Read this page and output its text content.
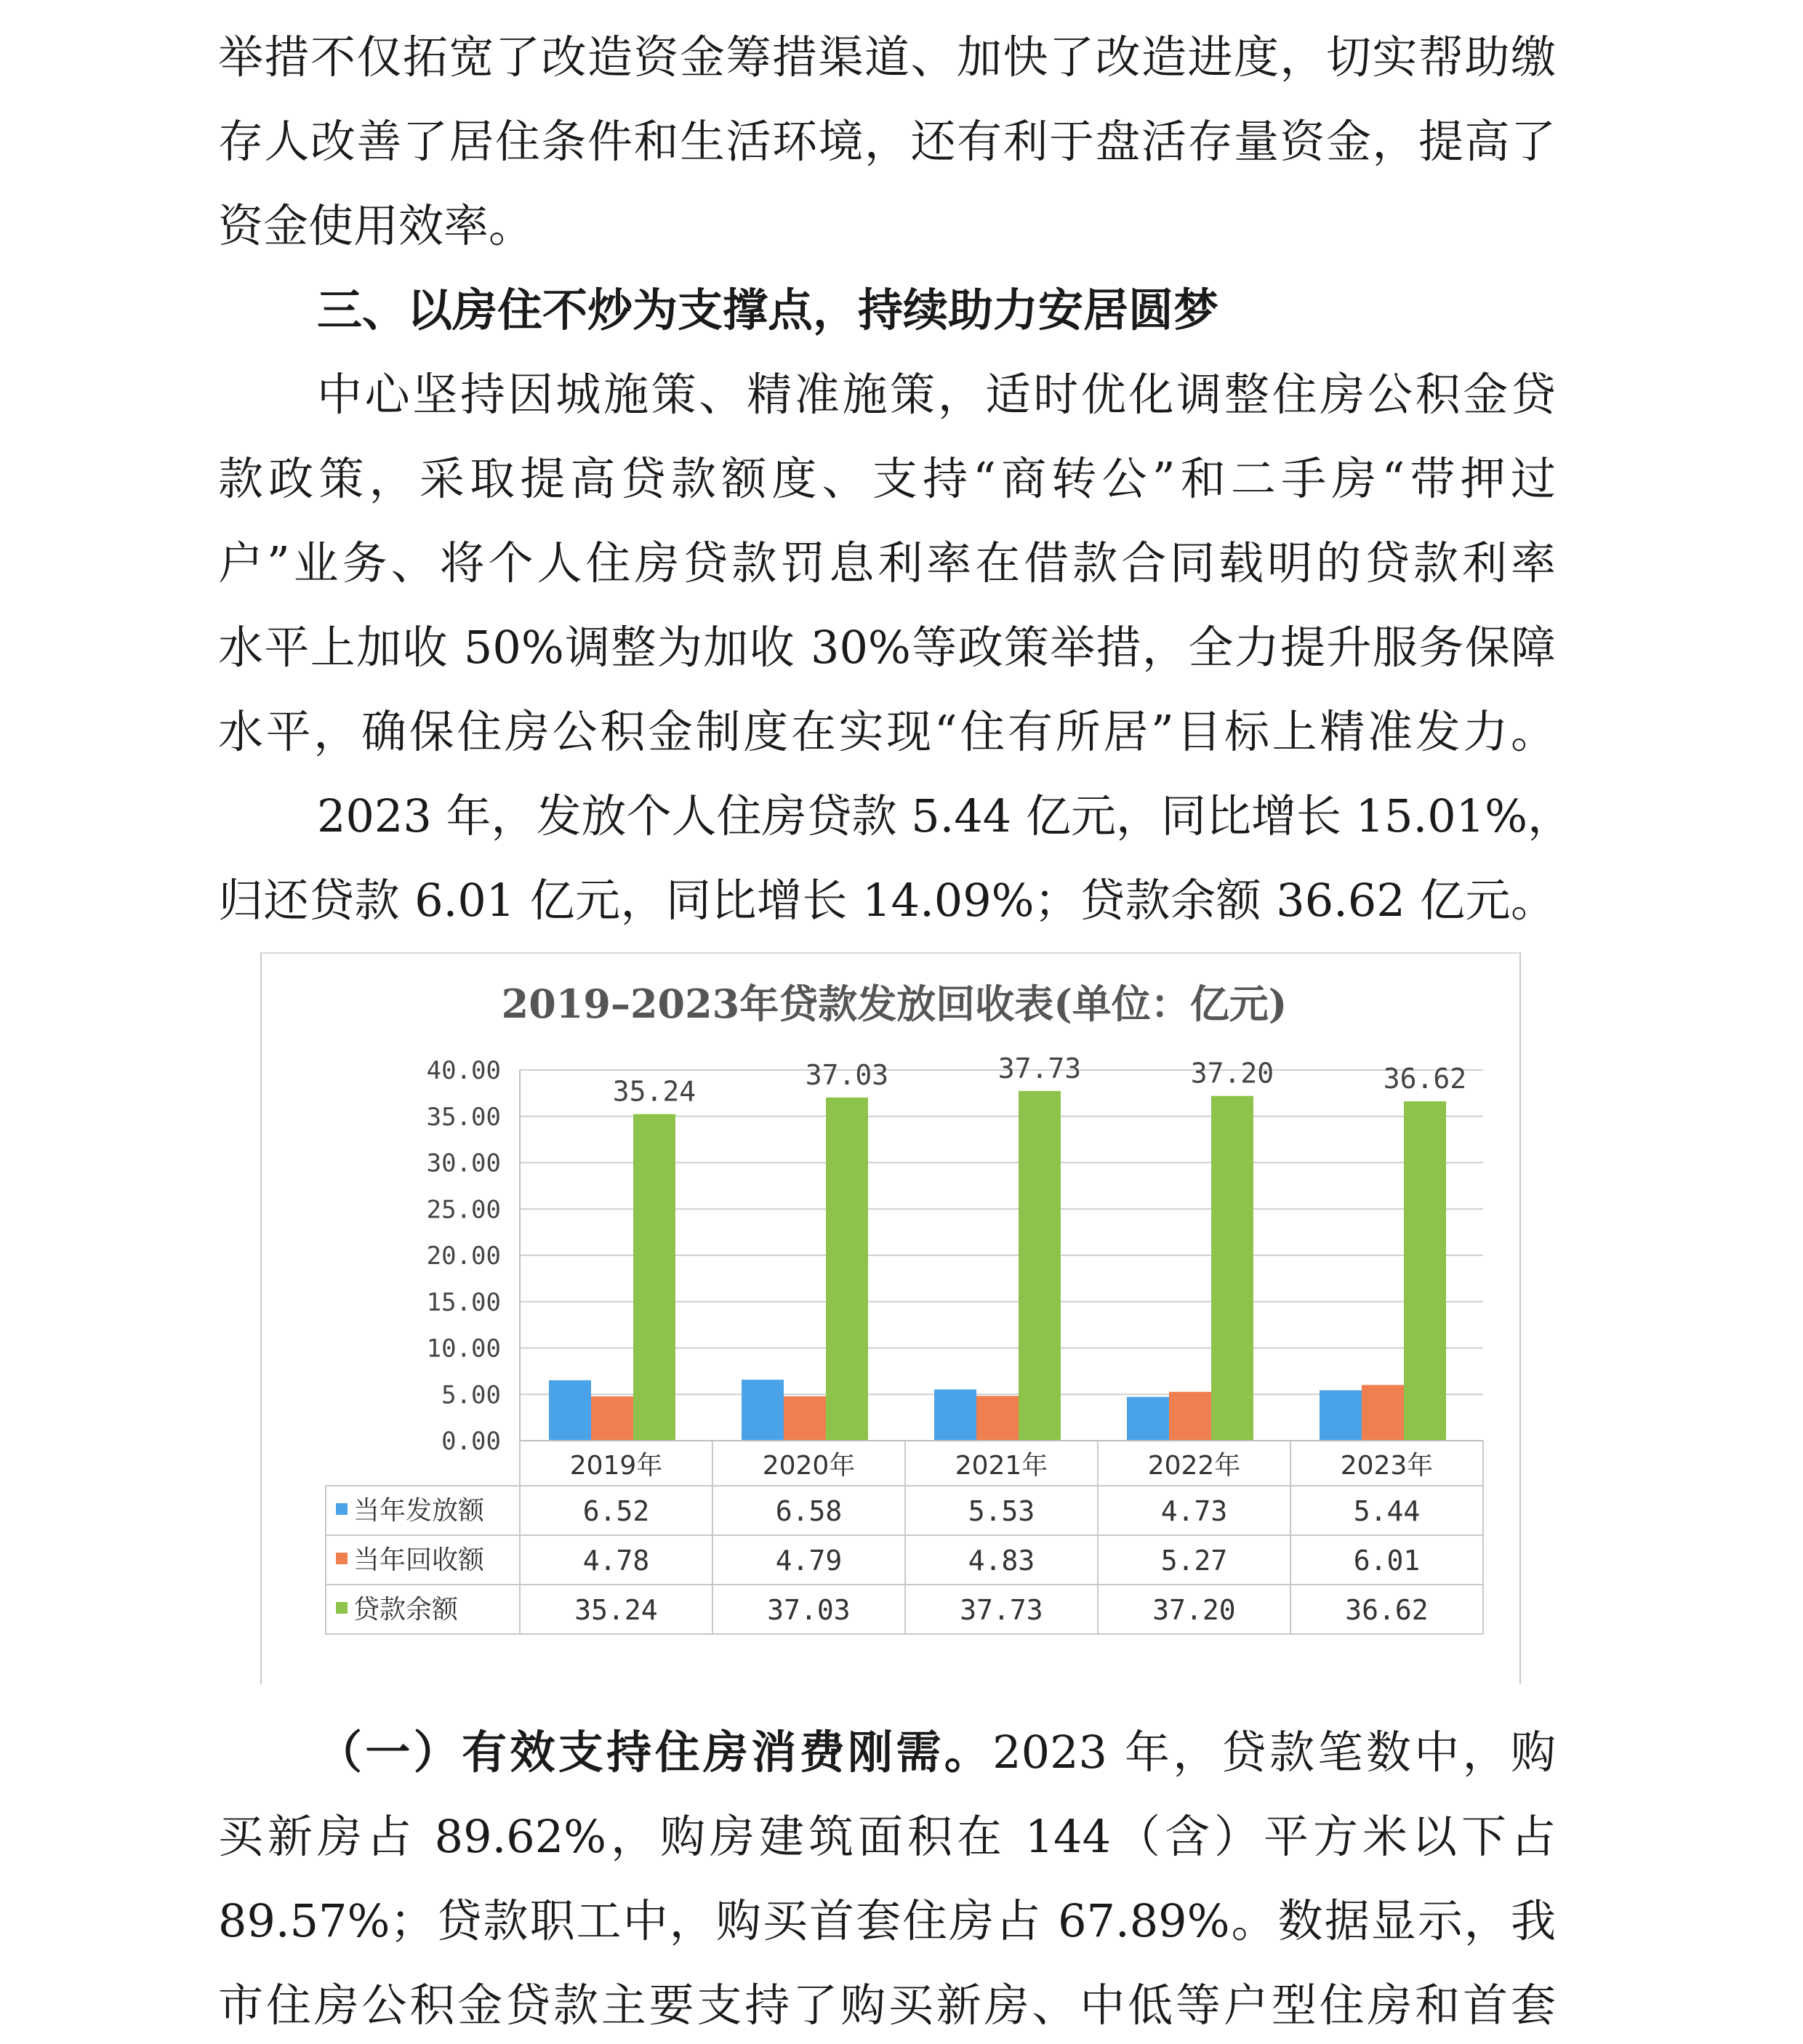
举措不仅拓宽了改造资金筹措渠道、加快了改造进度，切实帮助缴
存人改善了居住条件和生活环境，还有利于盘活存量资金，提高了
资金使用效率。
三、以房住不炒为支撑点，持续助力安居圆梦
中心坚持因城施策、精准施策，适时优化调整住房公积金贷
款政策，采取提高贷款额度、支持“商转公”和二手房“带押过
户”业务、将个人住房贷款罚息利率在借款合同载明的贷款利率
水平上加收 50%调整为加收 30%等政策举措，全力提升服务保障
水平，确保住房公积金制度在实现“住有所居”目标上精准发力。
2023 年，发放个人住房贷款 5.44 亿元，同比增长 15.01%，
归还贷款 6.01 亿元，同比增长 14.09%；贷款余额 36.62 亿元。
2019–2023年贷款发放回收表(单位：亿元)
0.00
5.00
10.00
15.00
20.00
25.00
30.00
35.00
40.00
35.24
37.03	37.73	37.20	36.62
2019年	2020年	2021年	2022年	2023年
当年发放额	6.52	6.58	5.53	4.73	5.44
当年回收额	4.78	4.79	4.83	5.27	6.01
贷款余额	35.24	37.03	37.73	37.20	36.62
（一）有效支持住房消费刚需。2023 年，贷款笔数中，购
买新房占 89.62%，购房建筑面积在 144（含）平方米以下占
89.57%；贷款职工中，购买首套住房占 67.89%。数据显示，我
市住房公积金贷款主要支持了购买新房、中低等户型住房和首套
